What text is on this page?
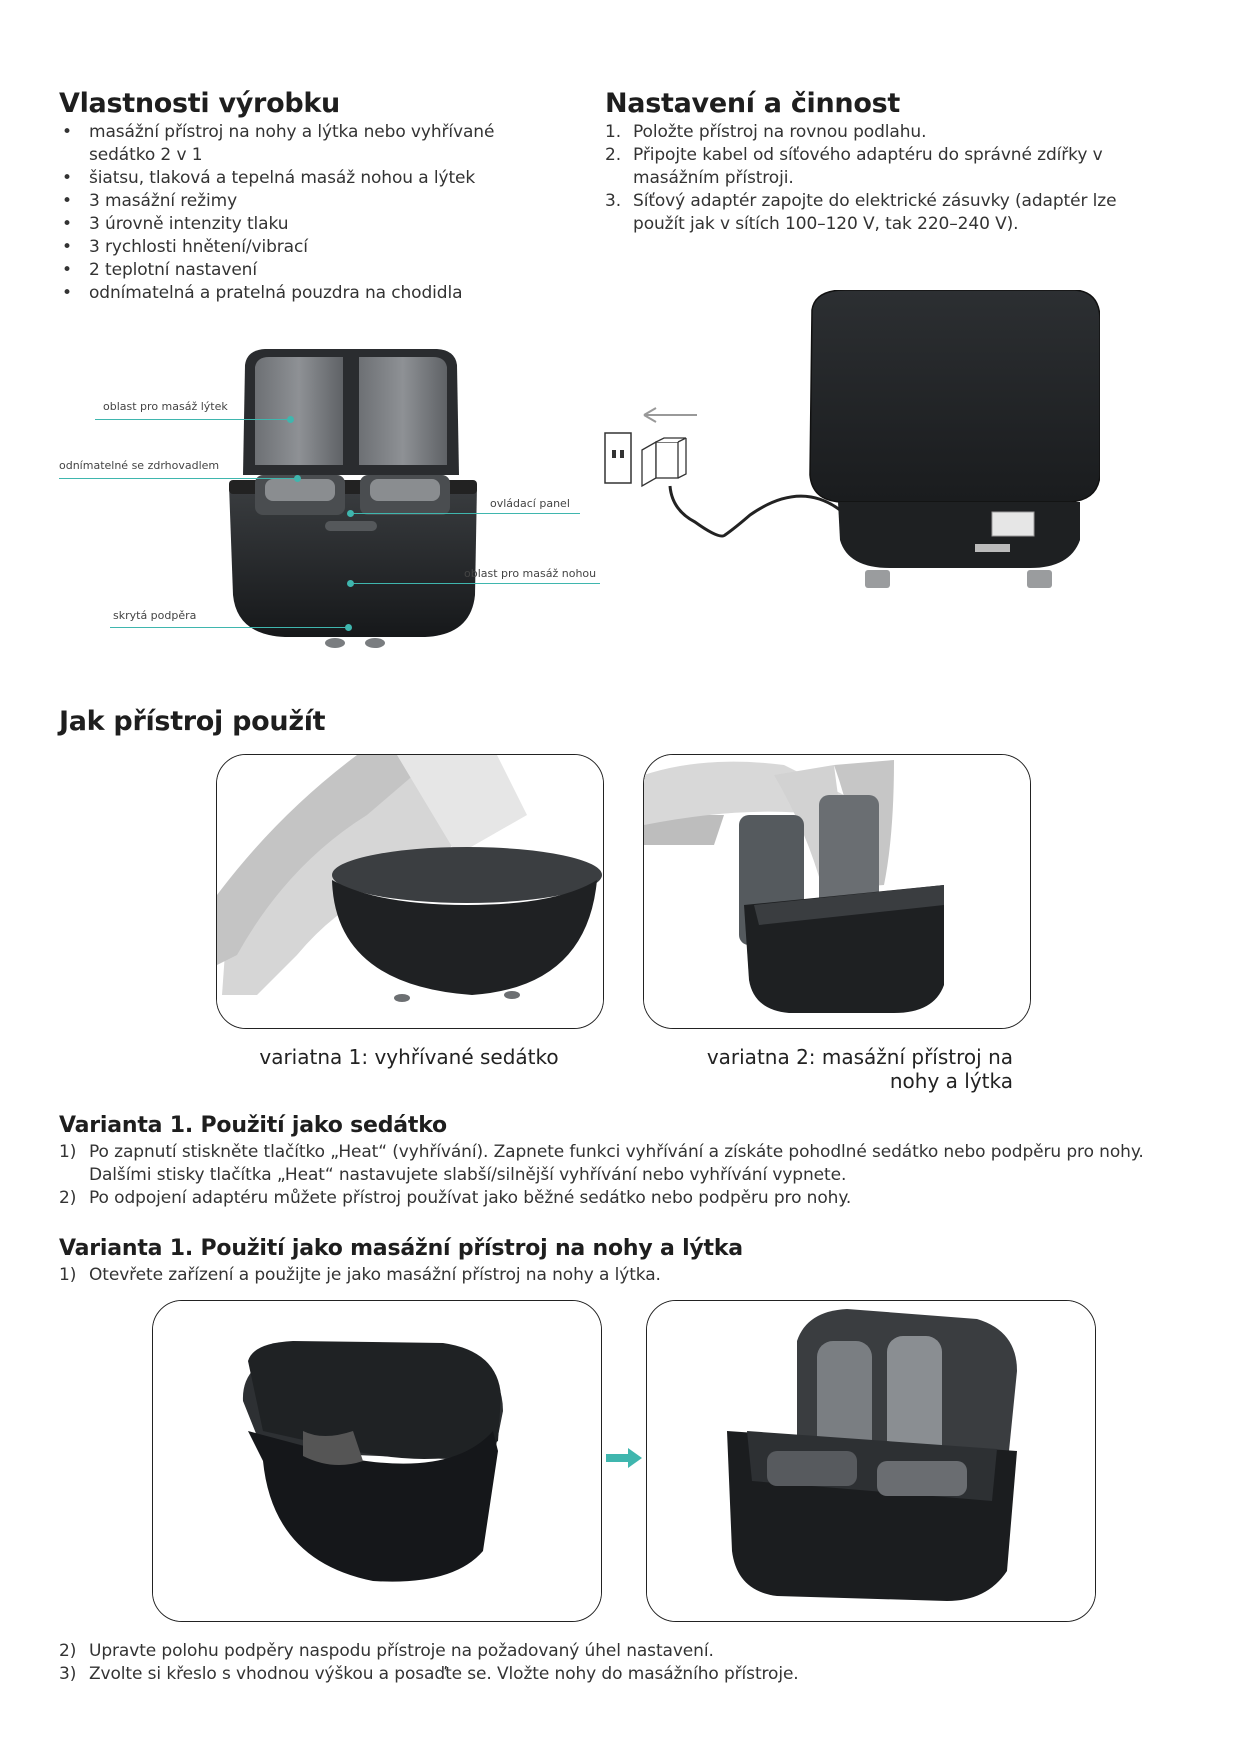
Vlastnosti výrobku
• masážní přístroj na nohy a lýtka nebo vyhřívané sedátko 2 v 1
• šiatsu, tlaková a tepelná masáž nohou a lýtek
• 3 masážní režimy
• 3 úrovně intenzity tlaku
• 3 rychlosti hnětení/vibrací
• 2 teplotní nastavení
• odnímatelná a pratelná pouzdra na chodidla
Nastavení a činnost
1. Položte přístroj na rovnou podlahu.
2. Připojte kabel od síťového adaptéru do správné zdířky v masážním přístroji.
3. Síťový adaptér zapojte do elektrické zásuvky (adaptér lze použít jak v sítích 100–120 V, tak 220–240 V).
oblast pro masáž lýtek
odnímatelné se zdrhovadlem
ovládací panel
oblast pro masáž nohou
skrytá podpěra
Jak přístroj použít
variatna 1: vyhřívané sedátko	variatna 2: masážní přístroj na
nohy a lýtka
Varianta 1. Použití jako sedátko
1) Po zapnutí stiskněte tlačítko „Heat“ (vyhřívání). Zapnete funkci vyhřívání a získáte pohodlné sedátko nebo podpěru pro nohy. Dalšími stisky tlačítka „Heat“ nastavujete slabší/silnější vyhřívání nebo vyhřívání vypnete.
2) Po odpojení adaptéru můžete přístroj používat jako běžné sedátko nebo podpěru pro nohy.
Varianta 1. Použití jako masážní přístroj na nohy a lýtka
1) Otevřete zařízení a použijte je jako masážní přístroj na nohy a lýtka.
2) Upravte polohu podpěry naspodu přístroje na požadovaný úhel nastavení.
3) Zvolte si křeslo s vhodnou výškou a posaďte se. Vložte nohy do masážního přístroje.
